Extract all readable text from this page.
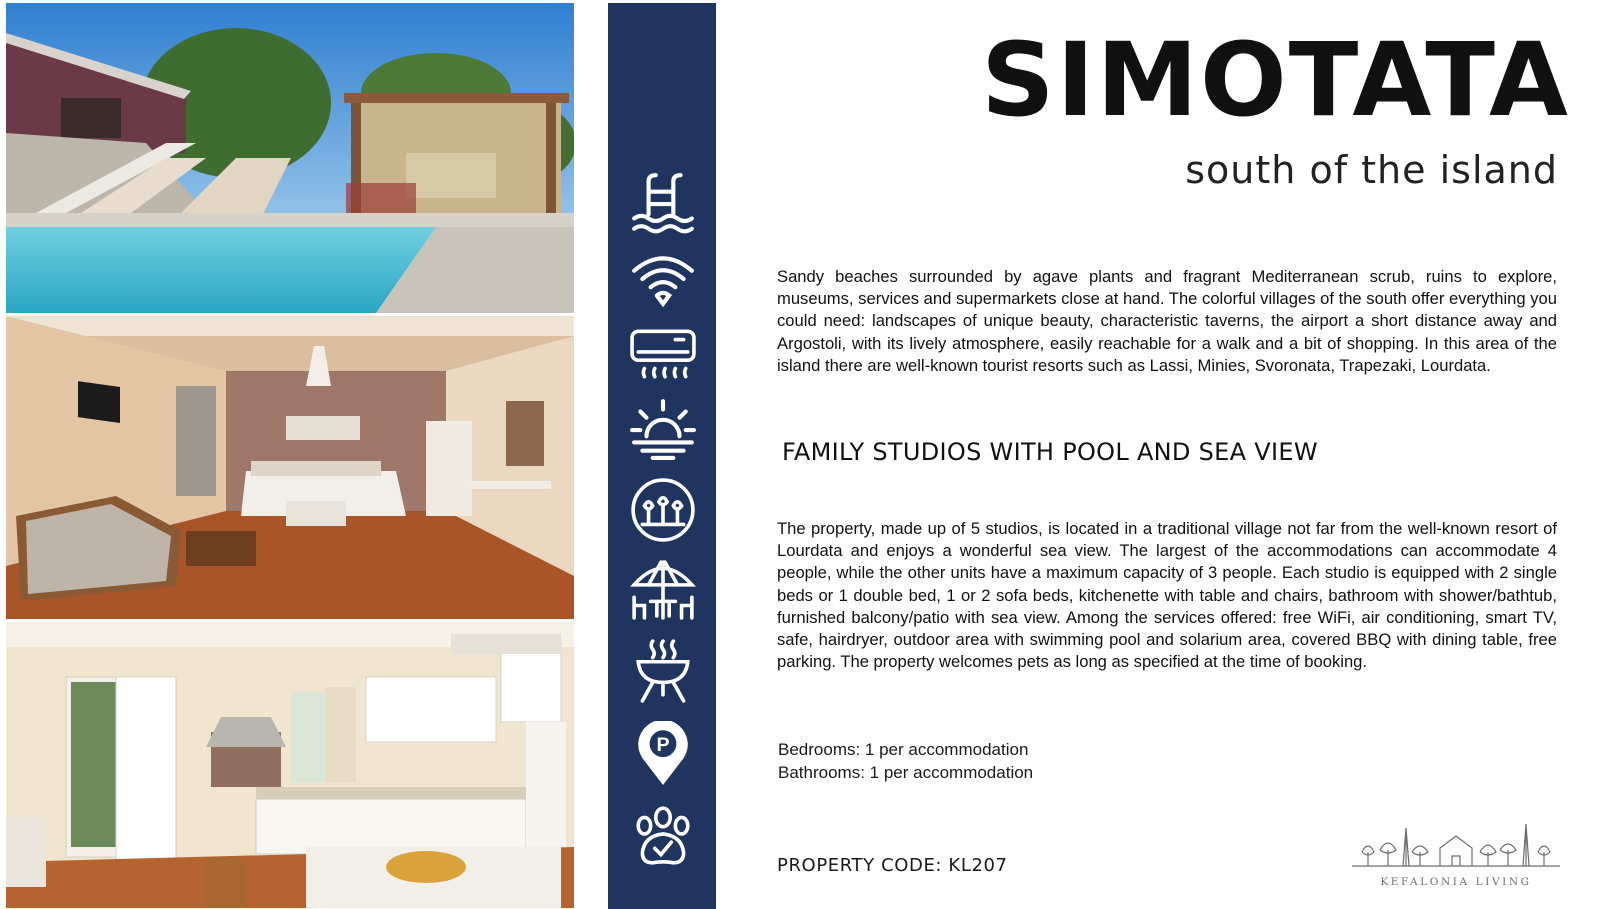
P
SIMOTATA
south of the island

Sandy beaches surrounded by agave plants and fragrant Mediterranean scrub, ruins to explore, museums, services and supermarkets close at hand. The colorful villages of the south offer everything you could need: landscapes of unique beauty, characteristic taverns, the airport a short distance away and Argostoli, with its lively atmosphere, easily reachable for a walk and a bit of shopping. In this area of the island there are well-known tourist resorts such as Lassi, Minies, Svoronata, Trapezaki, Lourdata.

FAMILY STUDIOS WITH POOL AND SEA VIEW

The property, made up of 5 studios, is located in a traditional village not far from the well-known resort of Lourdata and enjoys a wonderful sea view. The largest of the accommodations can accommodate 4 people, while the other units have a maximum capacity of 3 people. Each studio is equipped with 2 single beds or 1 double bed, 1 or 2 sofa beds, kitchenette with table and chairs, bathroom with shower/bathtub, furnished balcony/patio with sea view. Among the services offered: free WiFi, air conditioning, smart TV, safe, hairdryer, outdoor area with swimming pool and solarium area, covered BBQ with dining table, free parking. The property welcomes pets as long as specified at the time of booking.

Bedrooms: 1 per accommodation
Bathrooms: 1 per accommodation
PROPERTY CODE: KL207
KEFALONIA LIVING
